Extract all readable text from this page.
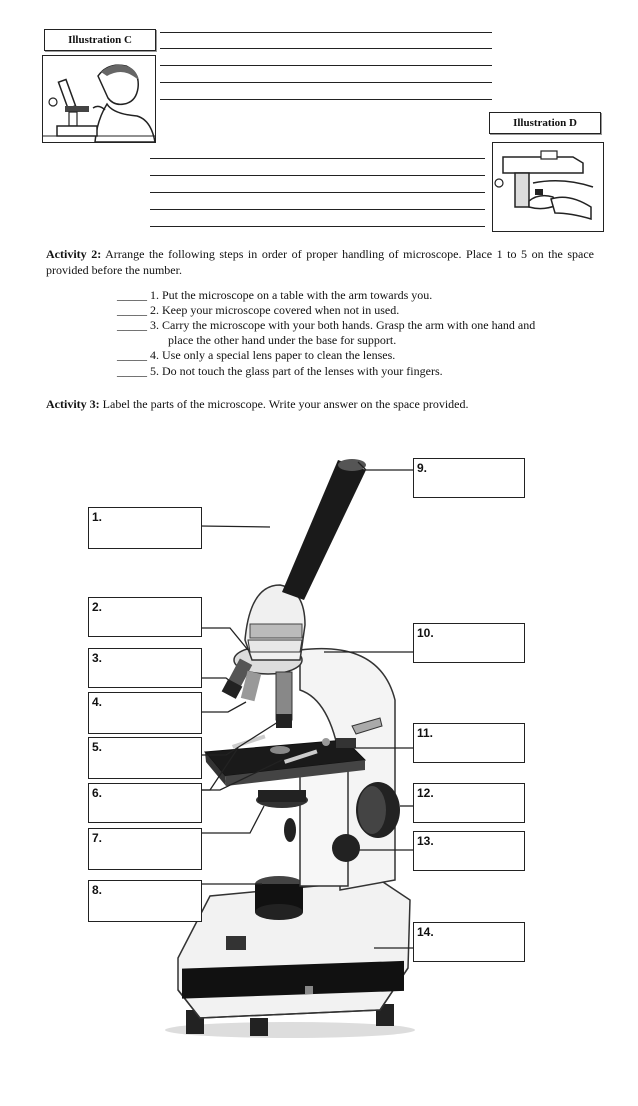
Illustration C
Illustration D
Activity 2: Arrange the following steps in order of proper handling of microscope. Place 1 to 5 on the space provided before the number.
_____ 1. Put the microscope on a table with the arm towards you.
_____ 2. Keep your microscope covered when not in used.
_____ 3. Carry the microscope with your both hands. Grasp the arm with one hand and
place the other hand under the base for support.
_____ 4. Use only a special lens paper to clean the lenses.
_____ 5. Do not touch the glass part of the lenses with your fingers.
Activity 3: Label the parts of the microscope. Write your answer on the space provided.
1.
2.
3.
4.
5.
6.
7.
8.
9.
10.
11.
12.
13.
14.
